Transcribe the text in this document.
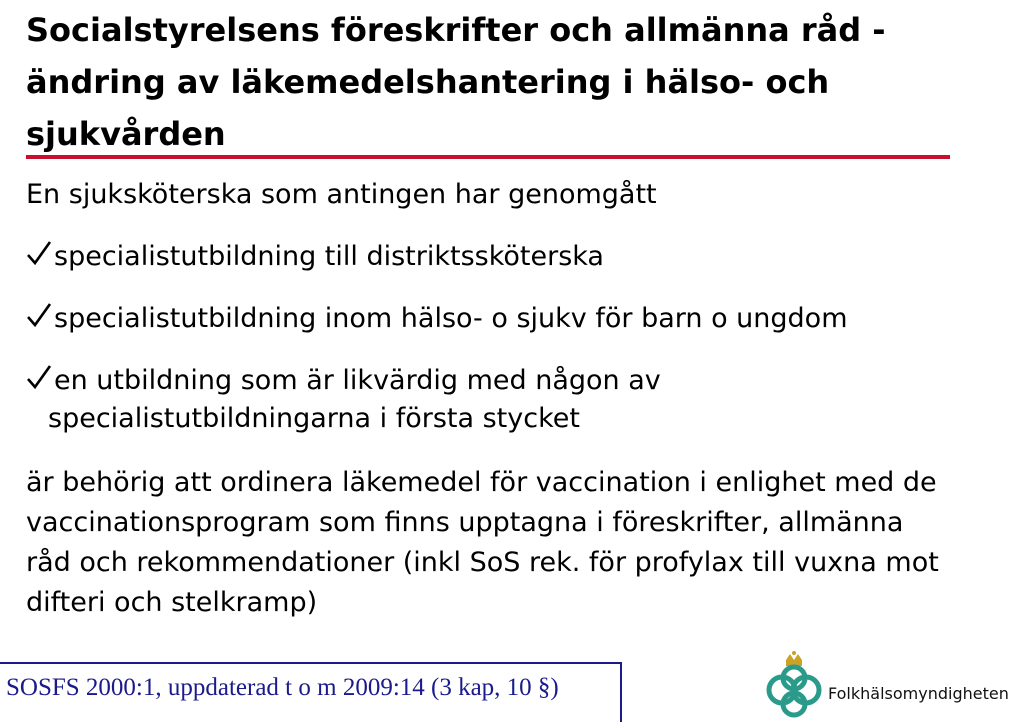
Socialstyrelsens föreskrifter och allmänna råd - ändring av läkemedelshantering i hälso- och sjukvården
En sjuksköterska som antingen har genomgått
specialistutbildning till distriktssköterska
specialistutbildning inom hälso- o sjukv för barn o ungdom
en utbildning som är likvärdig med någon av
specialistutbildningarna i första stycket
är behörig att ordinera läkemedel för vaccination i enlighet med de vaccinationsprogram som finns upptagna i föreskrifter, allmänna råd och rekommendationer (inkl SoS rek. för profylax till vuxna mot difteri och stelkramp)
SOSFS 2000:1, uppdaterad t o m 2009:14 (3 kap, 10 §)	Folkhälsomyndigheten
